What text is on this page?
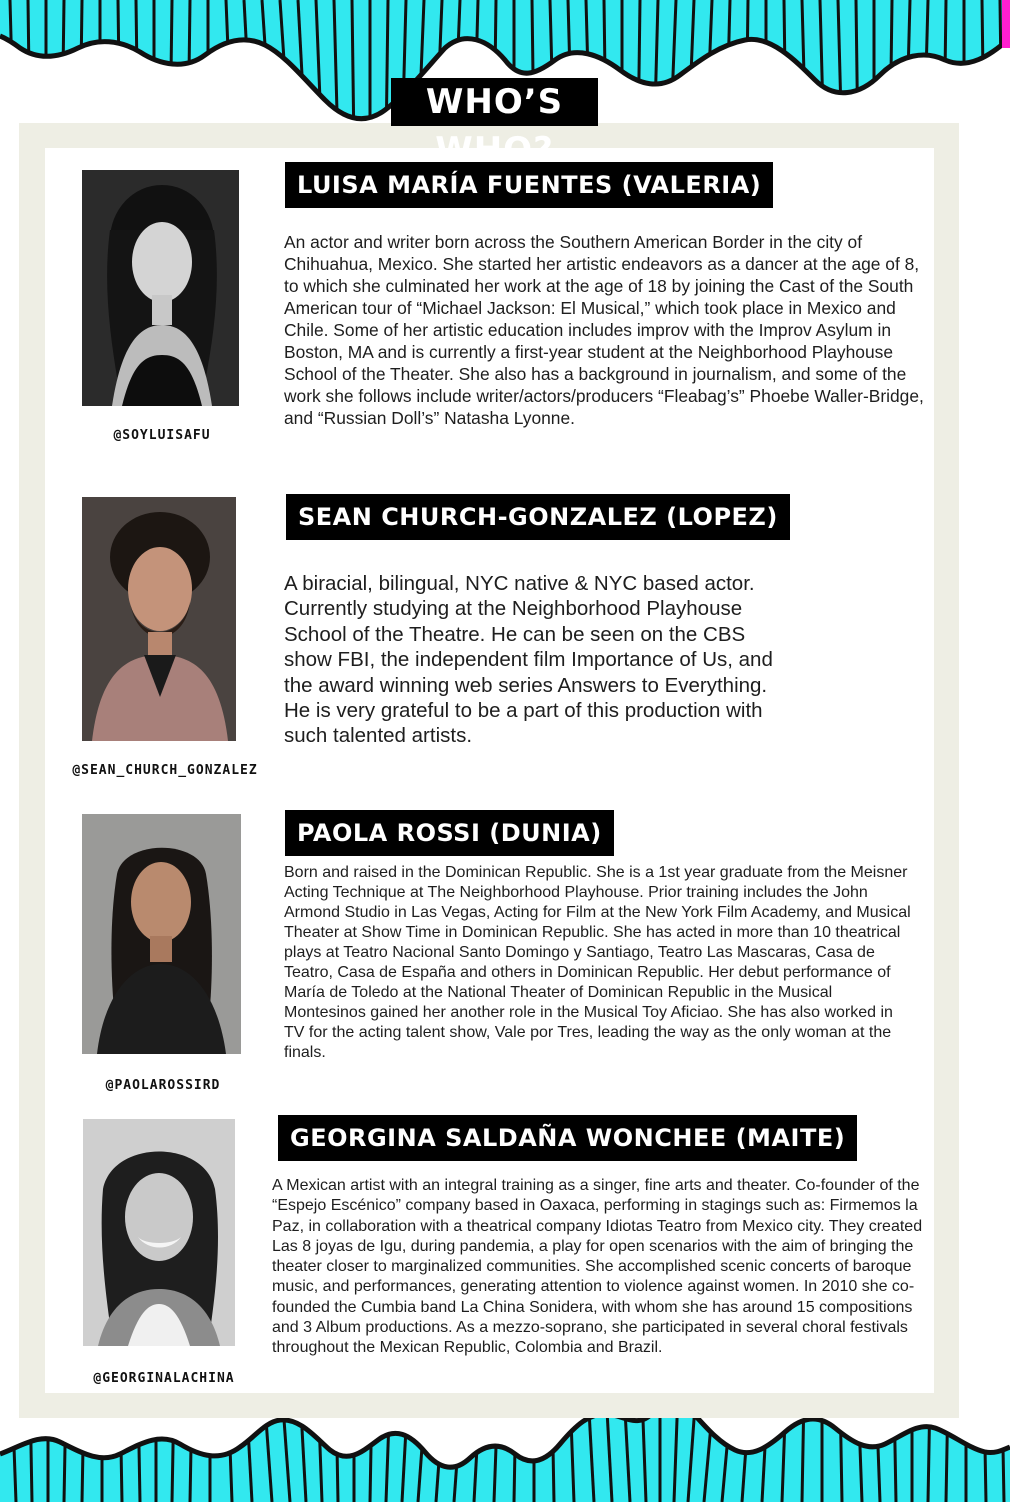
WHO’S WHO?
@SOYLUISAFU
LUISA MARÍA FUENTES (VALERIA)

An actor and writer born across the Southern American Border in the city of Chihuahua, Mexico. She started her artistic endeavors as a dancer at the age of 8, to which she culminated her work at the age of 18 by joining the Cast of the South American tour of “Michael Jackson: El Musical,” which took place in Mexico and Chile. Some of her artistic education includes improv with the Improv Asylum in Boston, MA and is currently a first-year student at the Neighborhood Playhouse School of the Theater. She also has a background in journalism, and some of the work she follows include writer/actors/producers “Fleabag’s” Phoebe Waller-Bridge, and “Russian Doll’s” Natasha Lyonne.

@SEAN_CHURCH_GONZALEZ
SEAN CHURCH-GONZALEZ (LOPEZ)

A biracial, bilingual, NYC native & NYC based actor. Currently studying at the Neighborhood Playhouse School of the Theatre. He can be seen on the CBS show FBI, the independent film Importance of Us, and the award winning web series Answers to Everything. He is very grateful to be a part of this production with such talented artists.

@PAOLAROSSIRD
PAOLA ROSSI (DUNIA)

Born and raised in the Dominican Republic. She is a 1st year graduate from the Meisner Acting Technique at The Neighborhood Playhouse. Prior training includes the John Armond Studio in Las Vegas, Acting for Film at the New York Film Academy, and Musical Theater at Show Time in Dominican Republic. She has acted in more than 10 theatrical plays at Teatro Nacional Santo Domingo y Santiago, Teatro Las Mascaras, Casa de Teatro, Casa de España and others in Dominican Republic. Her debut performance of María de Toledo at the National Theater of Dominican Republic in the Musical Montesinos gained her another role in the Musical Toy Aficiao. She has also worked in TV for the acting talent show, Vale por Tres, leading the way as the only woman at the finals.

@GEORGINALACHINA
GEORGINA SALDAÑA WONCHEE (MAITE)

A Mexican artist with an integral training as a singer, fine arts and theater. Co-founder of the “Espejo Escénico” company based in Oaxaca, performing in stagings such as: Firmemos la Paz, in collaboration with a theatrical company Idiotas Teatro from Mexico city. They created Las 8 joyas de Igu, during pandemia, a play for open scenarios with the aim of bringing the theater closer to marginalized communities. She accomplished scenic concerts of baroque music, and performances, generating attention to violence against women. In 2010 she co-founded the Cumbia band La China Sonidera, with whom she has around 15 compositions and 3 Album productions. As a mezzo-soprano, she participated in several choral festivals throughout the Mexican Republic, Colombia and Brazil.
